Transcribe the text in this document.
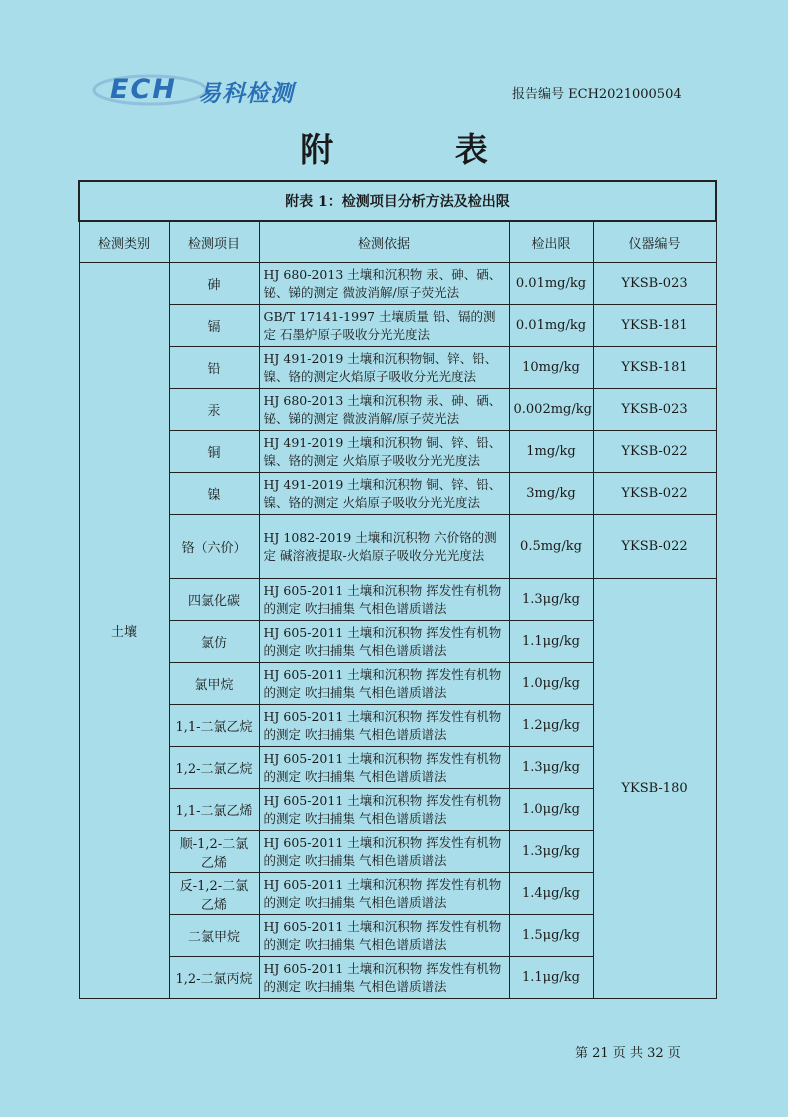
ECH 易科检测	报告编号 ECH2021000504
附 表
附表 1：检测项目分析方法及检出限				
检测类别	检测项目	检测依据	检出限	仪器编号
土壤	砷	HJ 680-2013 土壤和沉积物 汞、砷、硒、铋、锑的测定 微波消解/原子荧光法	0.01mg/kg	YKSB-023
	镉	GB/T 17141-1997 土壤质量 铅、镉的测定 石墨炉原子吸收分光光度法	0.01mg/kg	YKSB-181
	铅	HJ 491-2019 土壤和沉积物铜、锌、铅、镍、铬的测定火焰原子吸收分光光度法	10mg/kg	YKSB-181
	汞	HJ 680-2013 土壤和沉积物 汞、砷、硒、铋、锑的测定 微波消解/原子荧光法	0.002mg/kg	YKSB-023
	铜	HJ 491-2019 土壤和沉积物 铜、锌、铅、镍、铬的测定 火焰原子吸收分光光度法	1mg/kg	YKSB-022
	镍	HJ 491-2019 土壤和沉积物 铜、锌、铅、镍、铬的测定 火焰原子吸收分光光度法	3mg/kg	YKSB-022
	铬（六价）	HJ 1082-2019 土壤和沉积物 六价铬的测定 碱溶液提取-火焰原子吸收分光光度法	0.5mg/kg	YKSB-022
	四氯化碳	HJ 605-2011 土壤和沉积物 挥发性有机物的测定 吹扫捕集 气相色谱质谱法	1.3μg/kg	YKSB-180
	氯仿	HJ 605-2011 土壤和沉积物 挥发性有机物的测定 吹扫捕集 气相色谱质谱法	1.1μg/kg	
	氯甲烷	HJ 605-2011 土壤和沉积物 挥发性有机物的测定 吹扫捕集 气相色谱质谱法	1.0μg/kg	
	1,1-二氯乙烷	HJ 605-2011 土壤和沉积物 挥发性有机物的测定 吹扫捕集 气相色谱质谱法	1.2μg/kg	
	1,2-二氯乙烷	HJ 605-2011 土壤和沉积物 挥发性有机物的测定 吹扫捕集 气相色谱质谱法	1.3μg/kg	
	1,1-二氯乙烯	HJ 605-2011 土壤和沉积物 挥发性有机物的测定 吹扫捕集 气相色谱质谱法	1.0μg/kg	
	顺-1,2-二氯乙烯	HJ 605-2011 土壤和沉积物 挥发性有机物的测定 吹扫捕集 气相色谱质谱法	1.3μg/kg	
	反-1,2-二氯乙烯	HJ 605-2011 土壤和沉积物 挥发性有机物的测定 吹扫捕集 气相色谱质谱法	1.4μg/kg	
	二氯甲烷	HJ 605-2011 土壤和沉积物 挥发性有机物的测定 吹扫捕集 气相色谱质谱法	1.5μg/kg	
	1,2-二氯丙烷	HJ 605-2011 土壤和沉积物 挥发性有机物的测定 吹扫捕集 气相色谱质谱法	1.1μg/kg	
第 21 页 共 32 页
